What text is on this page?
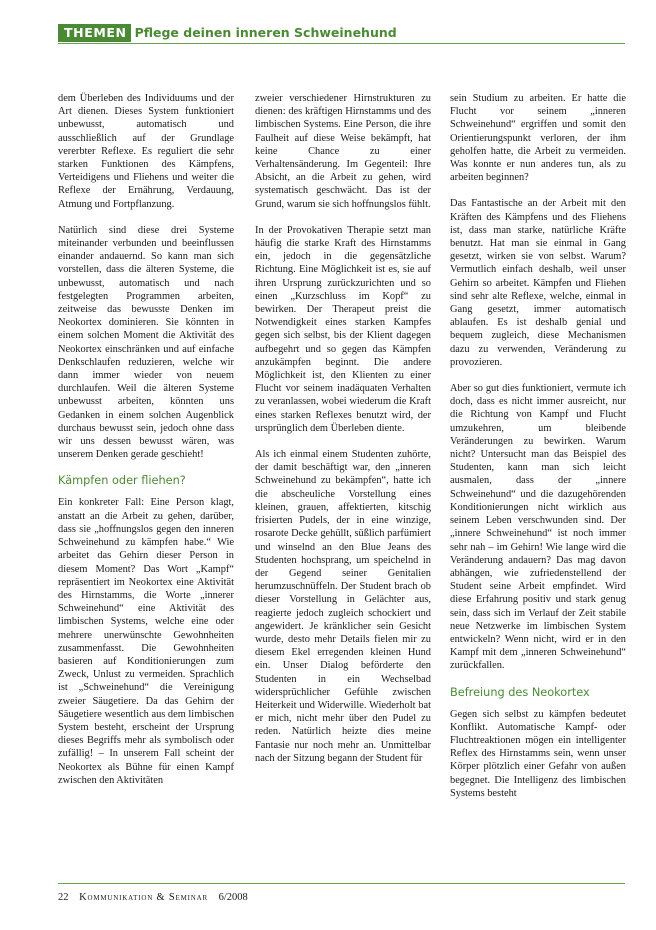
THEMEN Pflege deinen inneren Schweinehund

dem Überleben des Individuums und der Art dienen. Dieses System funktioniert unbewusst, automatisch und ausschließlich auf der Grundlage vererbter Reflexe. Es reguliert die sehr starken Funktionen des Kämpfens, Verteidigens und Fliehens und weiter die Reflexe der Ernährung, Verdauung, Atmung und Fortpflanzung.

Natürlich sind diese drei Systeme miteinander verbunden und beeinflussen einander andauernd. So kann man sich vorstellen, dass die älteren Systeme, die unbewusst, automatisch und nach festgelegten Programmen arbeiten, zeitweise das bewusste Denken im Neokortex dominieren. Sie könnten in einem solchen Moment die Aktivität des Neokortex einschränken und auf einfache Denkschlaufen reduzieren, welche wir dann immer wieder von neuem durchlaufen. Weil die älteren Systeme unbewusst arbeiten, könnten uns Gedanken in einem solchen Augenblick durchaus bewusst sein, jedoch ohne dass wir uns dessen bewusst wären, was unserem Denken gerade geschieht!

Kämpfen oder fliehen?

Ein konkreter Fall: Eine Person klagt, anstatt an die Arbeit zu gehen, darüber, dass sie „hoffnungslos gegen den inneren Schweinehund zu kämpfen habe.“ Wie arbeitet das Gehirn dieser Person in diesem Moment? Das Wort „Kampf“ repräsentiert im Neokortex eine Aktivität des Hirnstamms, die Worte „innerer Schweinehund“ eine Aktivität des limbischen Systems, welche eine oder mehrere unerwünschte Gewohnheiten zusammenfasst. Die Gewohnheiten basieren auf Konditionierungen zum Zweck, Unlust zu vermeiden. Sprachlich ist „Schweinehund“ die Vereinigung zweier Säugetiere. Da das Gehirn der Säugetiere wesentlich aus dem limbischen System besteht, erscheint der Ursprung dieses Begriffs mehr als symbolisch oder zufällig! – In unserem Fall scheint der Neokortex als Bühne für einen Kampf zwischen den Aktivitäten

zweier verschiedener Hirnstrukturen zu dienen: des kräftigen Hirnstamms und des limbischen Systems. Eine Person, die ihre Faulheit auf diese Weise bekämpft, hat keine Chance zu einer Verhaltensänderung. Im Gegenteil: Ihre Absicht, an die Arbeit zu gehen, wird systematisch geschwächt. Das ist der Grund, warum sie sich hoffnungslos fühlt.

In der Provokativen Therapie setzt man häufig die starke Kraft des Hirnstamms ein, jedoch in die gegensätzliche Richtung. Eine Möglichkeit ist es, sie auf ihren Ursprung zurückzurichten und so einen „Kurzschluss im Kopf“ zu bewirken. Der Therapeut preist die Notwendigkeit eines starken Kampfes gegen sich selbst, bis der Klient dagegen aufbegehrt und so gegen das Kämpfen anzukämpfen beginnt. Die andere Möglichkeit ist, den Klienten zu einer Flucht vor seinem inadäquaten Verhalten zu veranlassen, wobei wiederum die Kraft eines starken Reflexes benutzt wird, der ursprünglich dem Überleben diente.

Als ich einmal einem Studenten zuhörte, der damit beschäftigt war, den „inneren Schweinehund zu bekämpfen“, hatte ich die abscheuliche Vorstellung eines kleinen, grauen, affektierten, kitschig frisierten Pudels, der in eine winzige, rosarote Decke gehüllt, süßlich parfümiert und winselnd an den Blue Jeans des Studenten hochsprang, um speichelnd in der Gegend seiner Genitalien herumzuschnüffeln. Der Student brach ob dieser Vorstellung in Gelächter aus, reagierte jedoch zugleich schockiert und angewidert. Je kränklicher sein Gesicht wurde, desto mehr Details fielen mir zu diesem Ekel erregenden kleinen Hund ein. Unser Dialog beförderte den Studenten in ein Wechselbad widersprüchlicher Gefühle zwischen Heiterkeit und Widerwille. Wiederholt bat er mich, nicht mehr über den Pudel zu reden. Natürlich heizte dies meine Fantasie nur noch mehr an. Unmittelbar nach der Sitzung begann der Student für

sein Studium zu arbeiten. Er hatte die Flucht vor seinem „inneren Schweinehund“ ergriffen und somit den Orientierungspunkt verloren, der ihm geholfen hatte, die Arbeit zu vermeiden. Was konnte er nun anderes tun, als zu arbeiten beginnen?

Das Fantastische an der Arbeit mit den Kräften des Kämpfens und des Fliehens ist, dass man starke, natürliche Kräfte benutzt. Hat man sie einmal in Gang gesetzt, wirken sie von selbst. Warum? Vermutlich einfach deshalb, weil unser Gehirn so arbeitet. Kämpfen und Fliehen sind sehr alte Reflexe, welche, einmal in Gang gesetzt, immer automatisch ablaufen. Es ist deshalb genial und bequem zugleich, diese Mechanismen dazu zu verwenden, Veränderung zu provozieren.

Aber so gut dies funktioniert, vermute ich doch, dass es nicht immer ausreicht, nur die Richtung von Kampf und Flucht umzukehren, um bleibende Veränderungen zu bewirken. Warum nicht? Untersucht man das Beispiel des Studenten, kann man sich leicht ausmalen, dass der „innere Schweinehund“ und die dazugehörenden Konditionierungen nicht wirklich aus seinem Leben verschwunden sind. Der „innere Schweinehund“ ist noch immer sehr nah – im Gehirn! Wie lange wird die Veränderung andauern? Das mag davon abhängen, wie zufriedenstellend der Student seine Arbeit empfindet. Wird diese Erfahrung positiv und stark genug sein, dass sich im Verlauf der Zeit stabile neue Netzwerke im limbischen System entwickeln? Wenn nicht, wird er in den Kampf mit dem „inneren Schweinehund“ zurückfallen.

Befreiung des Neokortex

Gegen sich selbst zu kämpfen bedeutet Konflikt. Automatische Kampf- oder Fluchtreaktionen mögen ein intelligenter Reflex des Hirnstamms sein, wenn unser Körper plötzlich einer Gefahr von außen begegnet. Die Intelligenz des limbischen Systems besteht

22 Kommunikation & Seminar 6/2008
